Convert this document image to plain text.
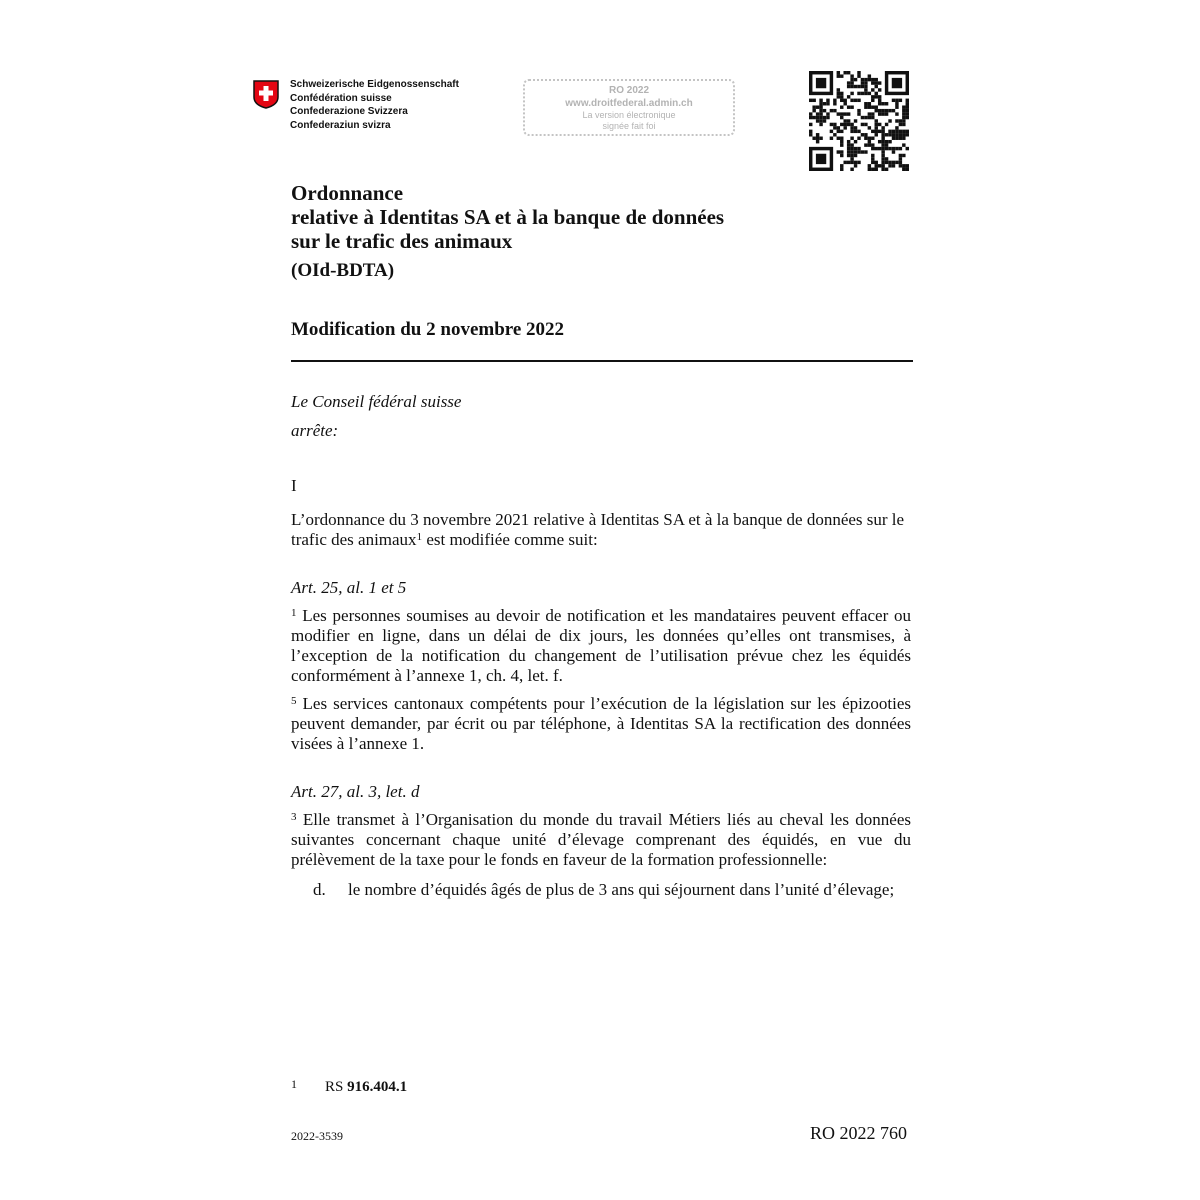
Schweizerische Eidgenossenschaft
Confédération suisse
Confederazione Svizzera
Confederaziun svizra
RO 2022
www.droitfederal.admin.ch
La version électronique
signée fait foi
Ordonnance
relative à Identitas SA et à la banque de données
sur le trafic des animaux
(OId-BDTA)
Modification du 2 novembre 2022
Le Conseil fédéral suisse
arrête:
I
L’ordonnance du 3 novembre 2021 relative à Identitas SA et à la banque de données sur le trafic des animaux$^1$ est modifiée comme suit:
Art. 25, al. 1 et 5
$^1$ Les personnes soumises au devoir de notification et les mandataires peuvent effacer ou modifier en ligne, dans un délai de dix jours, les données qu’elles ont transmises, à l’exception de la notification du changement de l’utilisation prévue chez les équidés conformément à l’annexe 1, ch. 4, let. f.
$^5$ Les services cantonaux compétents pour l’exécution de la législation sur les épizooties peuvent demander, par écrit ou par téléphone, à Identitas SA la rectification des données visées à l’annexe 1.
Art. 27, al. 3, let. d
$^3$ Elle transmet à l’Organisation du monde du travail Métiers liés au cheval les données suivantes concernant chaque unité d’élevage comprenant des équidés, en vue du prélèvement de la taxe pour le fonds en faveur de la formation professionnelle:
d. le nombre d’équidés âgés de plus de 3 ans qui séjournent dans l’unité d’élevage;
1 RS 916.404.1
2022-3539	RO 2022 760
